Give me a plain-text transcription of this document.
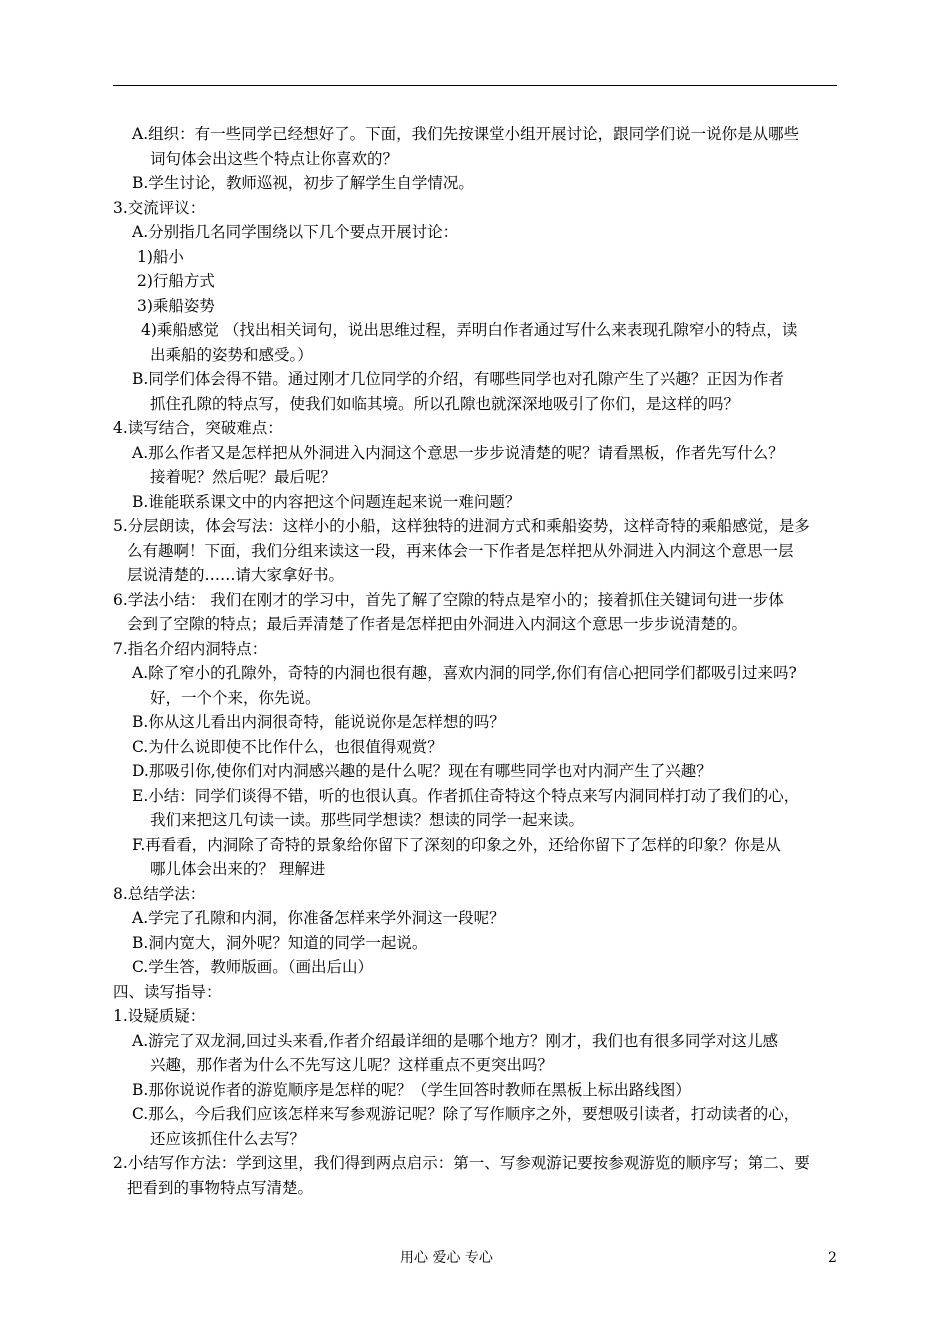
A.组织：有一些同学已经想好了。下面，我们先按课堂小组开展讨论，跟同学们说一说你是从哪些
词句体会出这些个特点让你喜欢的？
B.学生讨论，教师巡视，初步了解学生自学情况。
3.交流评议：
A.分别指几名同学围绕以下几个要点开展讨论：
1)船小
2)行船方式
3)乘船姿势
4)乘船感觉 （找出相关词句，说出思维过程，弄明白作者通过写什么来表现孔隙窄小的特点，读
出乘船的姿势和感受。）
B.同学们体会得不错。通过刚才几位同学的介绍，有哪些同学也对孔隙产生了兴趣？正因为作者
抓住孔隙的特点写，使我们如临其境。所以孔隙也就深深地吸引了你们，是这样的吗？
4.读写结合，突破难点：
A.那么作者又是怎样把从外洞进入内洞这个意思一步步说清楚的呢？请看黑板，作者先写什么？
接着呢？然后呢？最后呢？
B.谁能联系课文中的内容把这个问题连起来说一难问题？
5.分层朗读，体会写法：这样小的小船，这样独特的进洞方式和乘船姿势，这样奇特的乘船感觉，是多
么有趣啊！下面，我们分组来读这一段，再来体会一下作者是怎样把从外洞进入内洞这个意思一层
层说清楚的……请大家拿好书。
6.学法小结： 我们在刚才的学习中，首先了解了空隙的特点是窄小的；接着抓住关键词句进一步体
会到了空隙的特点；最后弄清楚了作者是怎样把由外洞进入内洞这个意思一步步说清楚的。
7.指名介绍内洞特点：
A.除了窄小的孔隙外，奇特的内洞也很有趣，喜欢内洞的同学,你们有信心把同学们都吸引过来吗?
好，一个个来，你先说。
B.你从这儿看出内洞很奇特，能说说你是怎样想的吗？
C.为什么说即使不比作什么，也很值得观赏？
D.那吸引你,使你们对内洞感兴趣的是什么呢？现在有哪些同学也对内洞产生了兴趣？
E.小结：同学们谈得不错，听的也很认真。作者抓住奇特这个特点来写内洞同样打动了我们的心，
我们来把这几句读一读。那些同学想读？想读的同学一起来读。
F.再看看，内洞除了奇特的景象给你留下了深刻的印象之外，还给你留下了怎样的印象？你是从
哪儿体会出来的？ 理解进
8.总结学法：
A.学完了孔隙和内洞，你准备怎样来学外洞这一段呢？
B.洞内宽大，洞外呢？知道的同学一起说。
C.学生答，教师版画。（画出后山）
四、读写指导：
1.设疑质疑：
A.游完了双龙洞,回过头来看,作者介绍最详细的是哪个地方？刚才，我们也有很多同学对这儿感
兴趣，那作者为什么不先写这儿呢？这样重点不更突出吗？
B.那你说说作者的游览顺序是怎样的呢？（学生回答时教师在黑板上标出路线图）
C.那么，今后我们应该怎样来写参观游记呢？除了写作顺序之外，要想吸引读者，打动读者的心，
还应该抓住什么去写？
2.小结写作方法：学到这里，我们得到两点启示：第一、写参观游记要按参观游览的顺序写；第二、要
把看到的事物特点写清楚。
用心 爱心 专心	2
